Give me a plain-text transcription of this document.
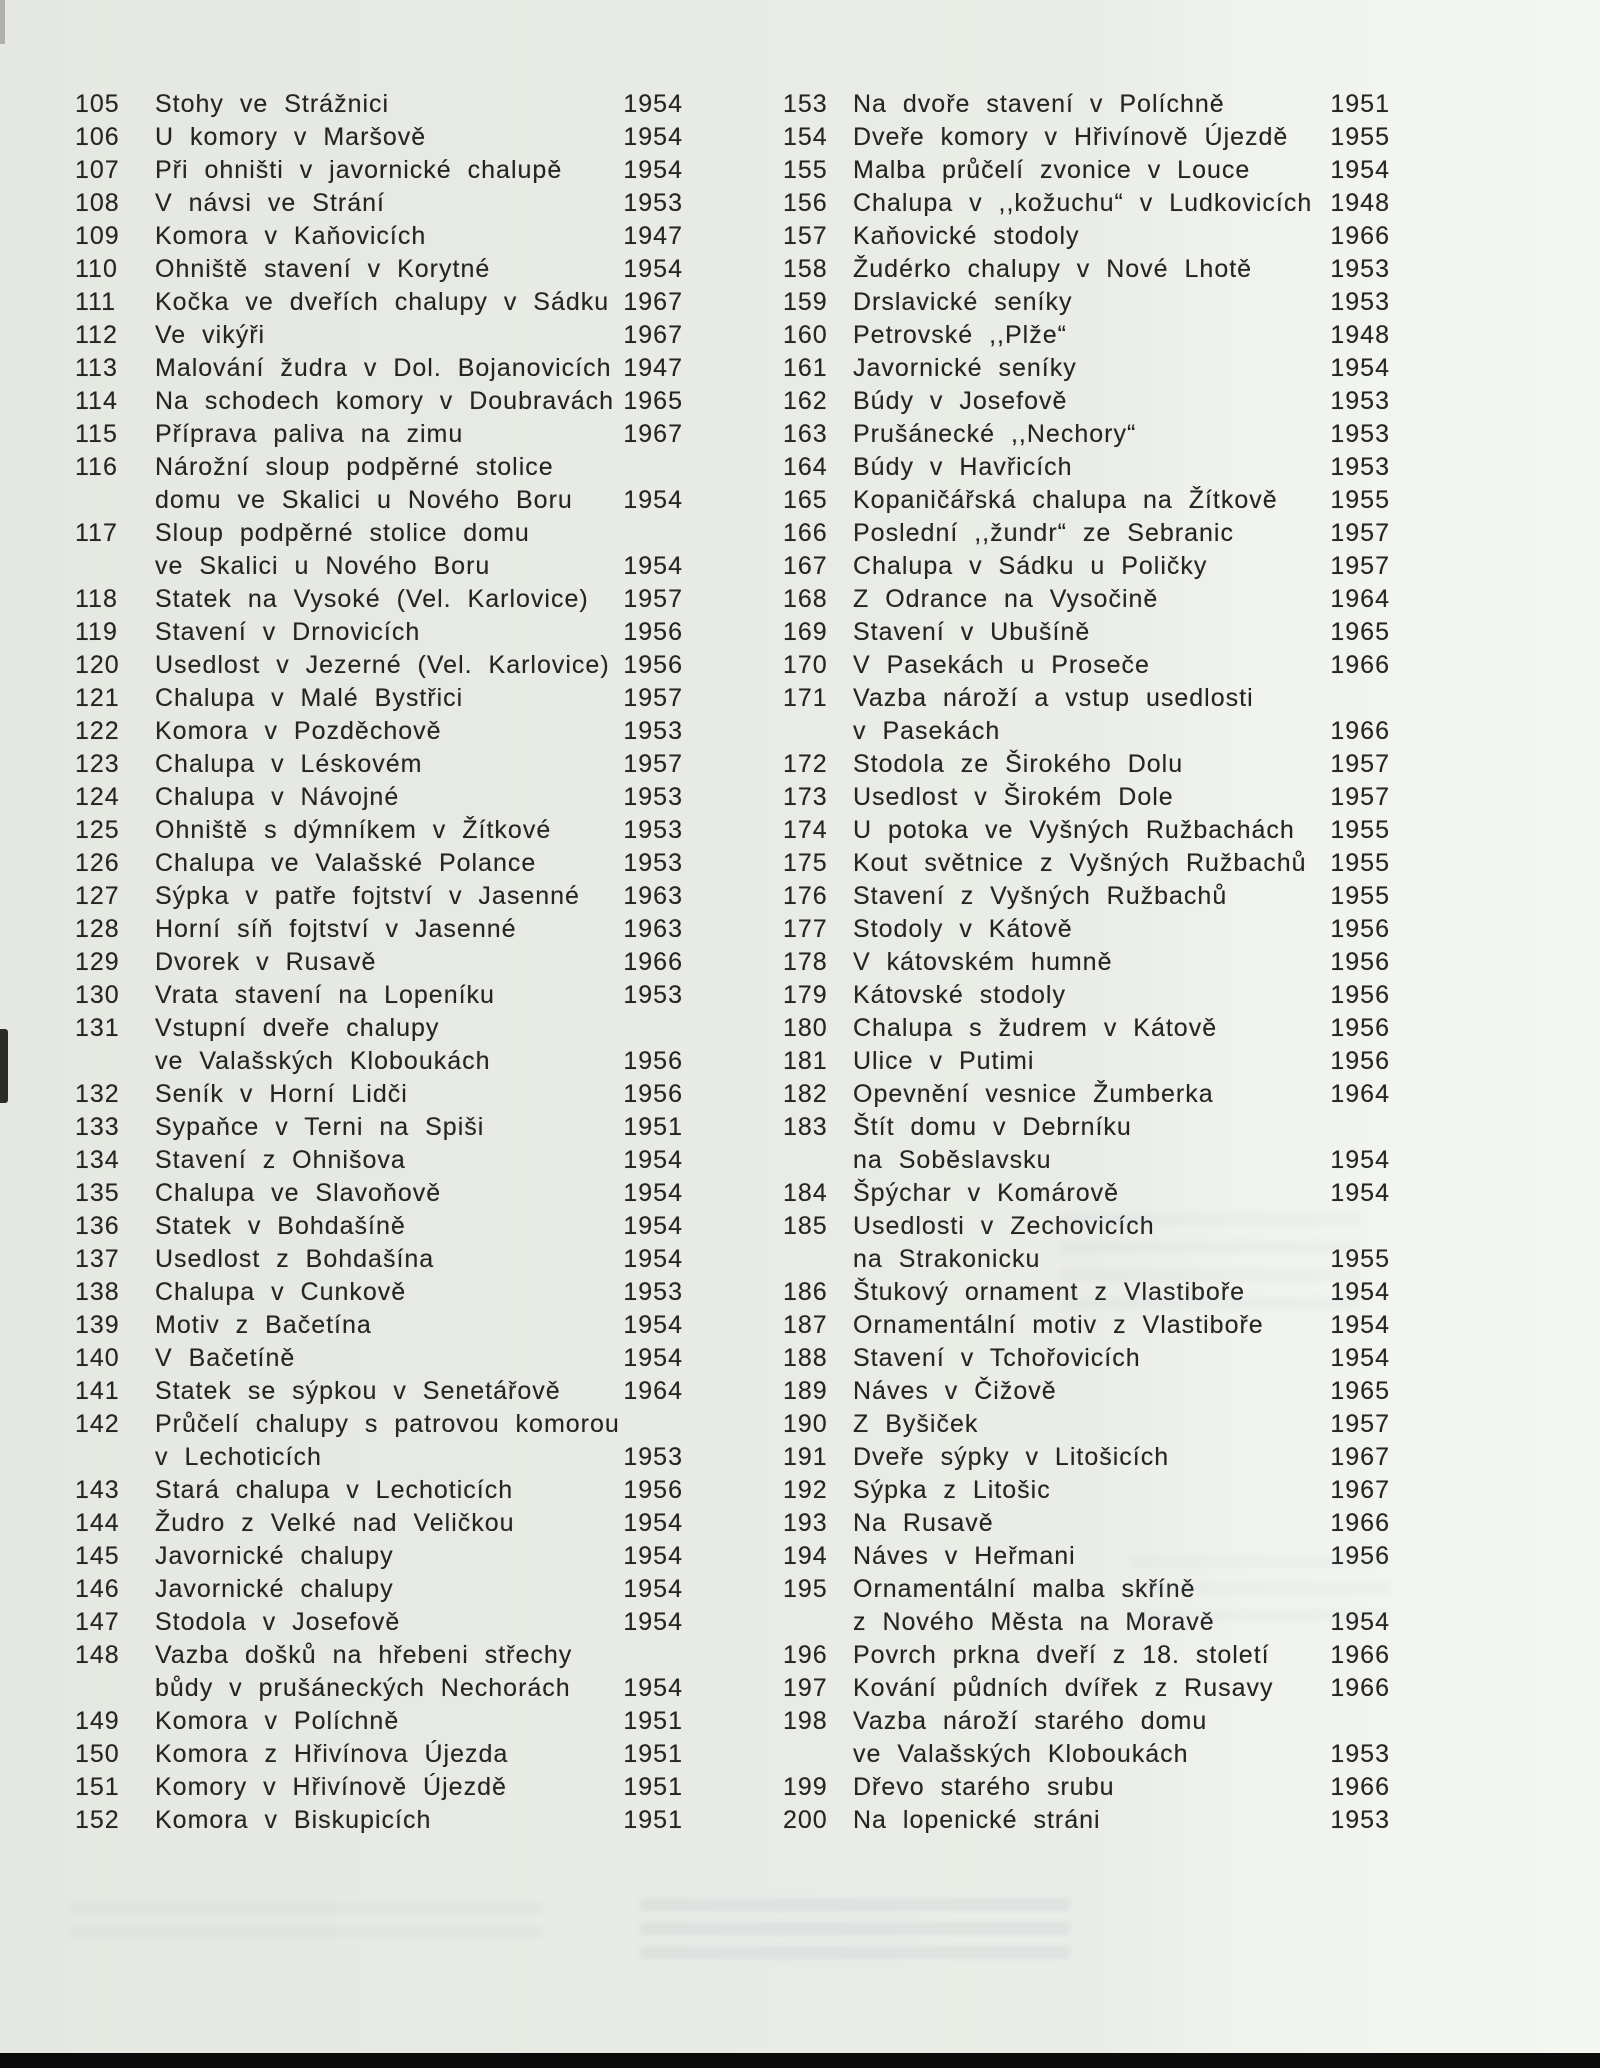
105 Stohy ve Strážnici	1954
106 U komory v Maršově	1954
107 Při ohništi v javornické chalupě 1954
108 V návsi ve Strání	1953
109 Komora v Kaňovicích	1947
110 Ohniště stavení v Korytné	1954
111 Kočka ve dveřích chalupy v Sádku 1967
112 Ve vikýři	1967
113 Malování žudra v Dol. Bojanovicích 1947
114 Na schodech komory v Doubravách 1965
115 Příprava paliva na zimu	1967
116 Nárožní sloup podpěrné stolice
domu ve Skalici u Nového Boru 1954
117 Sloup podpěrné stolice domu
ve Skalici u Nového Boru	1954
118 Statek na Vysoké (Vel. Karlovice) 1957
119 Stavení v Drnovicích	1956
120 Usedlost v Jezerné (Vel. Karlovice) 1956
121 Chalupa v Malé Bystřici	1957
122 Komora v Pozděchově	1953
123 Chalupa v Léskovém	1957
124 Chalupa v Návojné	1953
125 Ohniště s dýmníkem v Žítkové	1953
126 Chalupa ve Valašské Polance	1953
127 Sýpka v patře fojtství v Jasenné 1963
128 Horní síň fojtství v Jasenné	1963
129 Dvorek v Rusavě	1966
130 Vrata stavení na Lopeníku	1953
131 Vstupní dveře chalupy
ve Valašských Kloboukách	1956
132 Seník v Horní Lidči	1956
133 Sypaňce v Terni na Spiši	1951
134 Stavení z Ohnišova	1954
135 Chalupa ve Slavoňově	1954
136 Statek v Bohdašíně	1954
137 Usedlost z Bohdašína	1954
138 Chalupa v Cunkově	1953
139 Motiv z Bačetína	1954
140 V Bačetíně	1954
141 Statek se sýpkou v Senetářově	1964
142 Průčelí chalupy s patrovou komorou
v Lechoticích	1953
143 Stará chalupa v Lechoticích	1956
144 Žudro z Velké nad Veličkou	1954
145 Javornické chalupy	1954
146 Javornické chalupy	1954
147 Stodola v Josefově	1954
148 Vazba došků na hřebeni střechy
bůdy v prušáneckých Nechorách 1954
149 Komora v Políchně	1951
150 Komora z Hřivínova Újezda	1951
151 Komory v Hřivínově Újezdě	1951
152 Komora v Biskupicích	1951
153 Na dvoře stavení v Políchně	1951
154 Dveře komory v Hřivínově Újezdě 1955
155 Malba průčelí zvonice v Louce	1954
156 Chalupa v ,,kožuchu“ v Ludkovicích 1948
157 Kaňovické stodoly	1966
158 Žudérko chalupy v Nové Lhotě	1953
159 Drslavické seníky	1953
160 Petrovské ,,Plže“	1948
161 Javornické seníky	1954
162 Búdy v Josefově	1953
163 Prušánecké ,,Nechory“	1953
164 Búdy v Havřicích	1953
165 Kopaničářská chalupa na Žítkově 1955
166 Poslední ,,žundr“ ze Sebranic	1957
167 Chalupa v Sádku u Poličky	1957
168 Z Odrance na Vysočině	1964
169 Stavení v Ubušíně	1965
170 V Pasekách u Proseče	1966
171 Vazba nároží a vstup usedlosti
v Pasekách	1966
172 Stodola ze Širokého Dolu	1957
173 Usedlost v Širokém Dole	1957
174 U potoka ve Vyšných Ružbachách 1955
175 Kout světnice z Vyšných Ružbachů 1955
176 Stavení z Vyšných Ružbachů	1955
177 Stodoly v Kátově	1956
178 V kátovském humně	1956
179 Kátovské stodoly	1956
180 Chalupa s žudrem v Kátově	1956
181 Ulice v Putimi	1956
182 Opevnění vesnice Žumberka	1964
183 Štít domu v Debrníku
na Soběslavsku	1954
184 Špýchar v Komárově	1954
185 Usedlosti v Zechovicích
na Strakonicku	1955
186 Štukový ornament z Vlastiboře	1954
187 Ornamentální motiv z Vlastiboře	1954
188 Stavení v Tchořovicích	1954
189 Náves v Čižově	1965
190 Z Byšiček	1957
191 Dveře sýpky v Litošicích	1967
192 Sýpka z Litošic	1967
193 Na Rusavě	1966
194 Náves v Heřmani	1956
195 Ornamentální malba skříně
z Nového Města na Moravě	1954
196 Povrch prkna dveří z 18. století 1966
197 Kování půdních dvířek z Rusavy 1966
198 Vazba nároží starého domu
ve Valašských Kloboukách	1953
199 Dřevo starého srubu	1966
200 Na lopenické stráni	1953
